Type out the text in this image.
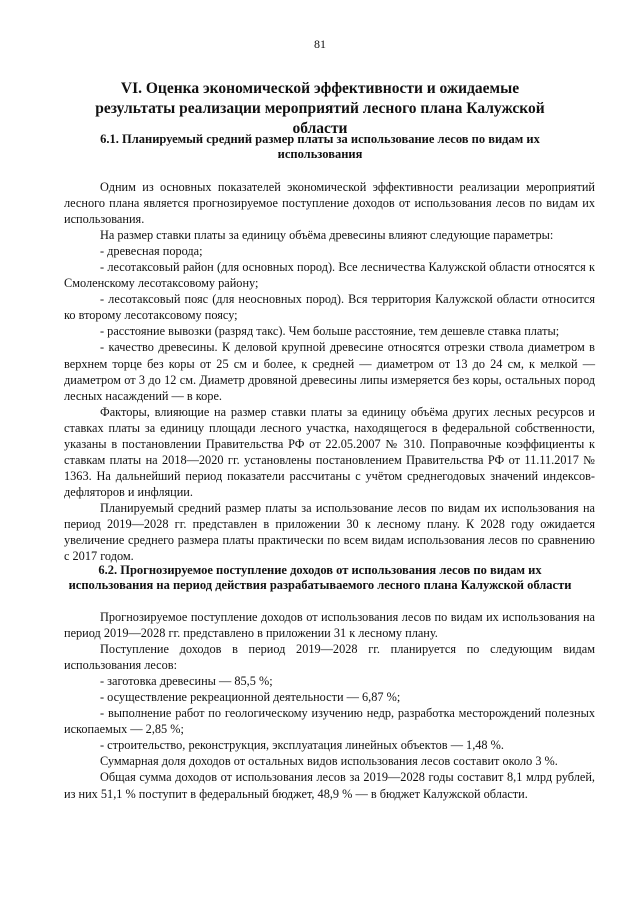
81
VI. Оценка экономической эффективности и ожидаемые результаты реализации мероприятий лесного плана Калужской области
6.1. Планируемый средний размер платы за использование лесов по видам их использования

Одним из основных показателей экономической эффективности реализации мероприятий лесного плана является прогнозируемое поступление доходов от использования лесов по видам их использования.

На размер ставки платы за единицу объёма древесины влияют следующие параметры:

- древесная порода;

- лесотаксовый район (для основных пород). Все лесничества Калужской области относятся к Смоленскому лесотаксовому району;

- лесотаксовый пояс (для неосновных пород). Вся территория Калужской области относится ко второму лесотаксовому поясу;

- расстояние вывозки (разряд такс). Чем больше расстояние, тем дешевле ставка платы;

- качество древесины. К деловой крупной древесине относятся отрезки ствола диаметром в верхнем торце без коры от 25 см и более, к средней — диаметром от 13 до 24 см, к мелкой — диаметром от 3 до 12 см. Диаметр дровяной древесины липы измеряется без коры, остальных пород лесных насаждений — в коре.

Факторы, влияющие на размер ставки платы за единицу объёма других лесных ресурсов и ставках платы за единицу площади лесного участка, находящегося в федеральной собственности, указаны в постановлении Правительства РФ от 22.05.2007 № 310. Поправочные коэффициенты к ставкам платы на 2018—2020 гг. установлены постановлением Правительства РФ от 11.11.2017 № 1363. На дальнейший период показатели рассчитаны с учётом среднегодовых значений индексов-дефляторов и инфляции.

Планируемый средний размер платы за использование лесов по видам их использования на период 2019—2028 гг. представлен в приложении 30 к лесному плану. К 2028 году ожидается увеличение среднего размера платы практически по всем видам использования лесов по сравнению с 2017 годом.

6.2. Прогнозируемое поступление доходов от использования лесов по видам их использования на период действия разрабатываемого лесного плана Калужской области

Прогнозируемое поступление доходов от использования лесов по видам их использования на период 2019—2028 гг. представлено в приложении 31 к лесному плану.

Поступление доходов в период 2019—2028 гг. планируется по следующим видам использования лесов:

- заготовка древесины — 85,5 %;

- осуществление рекреационной деятельности — 6,87 %;

- выполнение работ по геологическому изучению недр, разработка месторождений полезных ископаемых — 2,85 %;

- строительство, реконструкция, эксплуатация линейных объектов — 1,48 %.

Суммарная доля доходов от остальных видов использования лесов составит около 3 %.

Общая сумма доходов от использования лесов за 2019—2028 годы составит 8,1 млрд рублей, из них 51,1 % поступит в федеральный бюджет, 48,9 % — в бюджет Калужской области.
